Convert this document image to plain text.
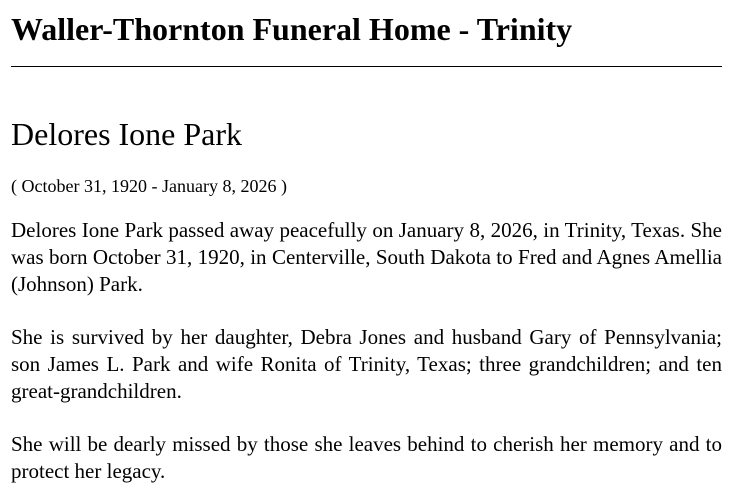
Waller-Thornton Funeral Home - Trinity
Delores Ione Park

( October 31, 1920 - January 8, 2026 )

Delores Ione Park passed away peacefully on January 8, 2026, in Trinity, Texas. She was born October 31, 1920, in Centerville, South Dakota to Fred and Agnes Amellia (Johnson) Park.

She is survived by her daughter, Debra Jones and husband Gary of Pennsylvania; son James L. Park and wife Ronita of Trinity, Texas; three grandchildren; and ten great-grandchildren.

She will be dearly missed by those she leaves behind to cherish her memory and to protect her legacy.
